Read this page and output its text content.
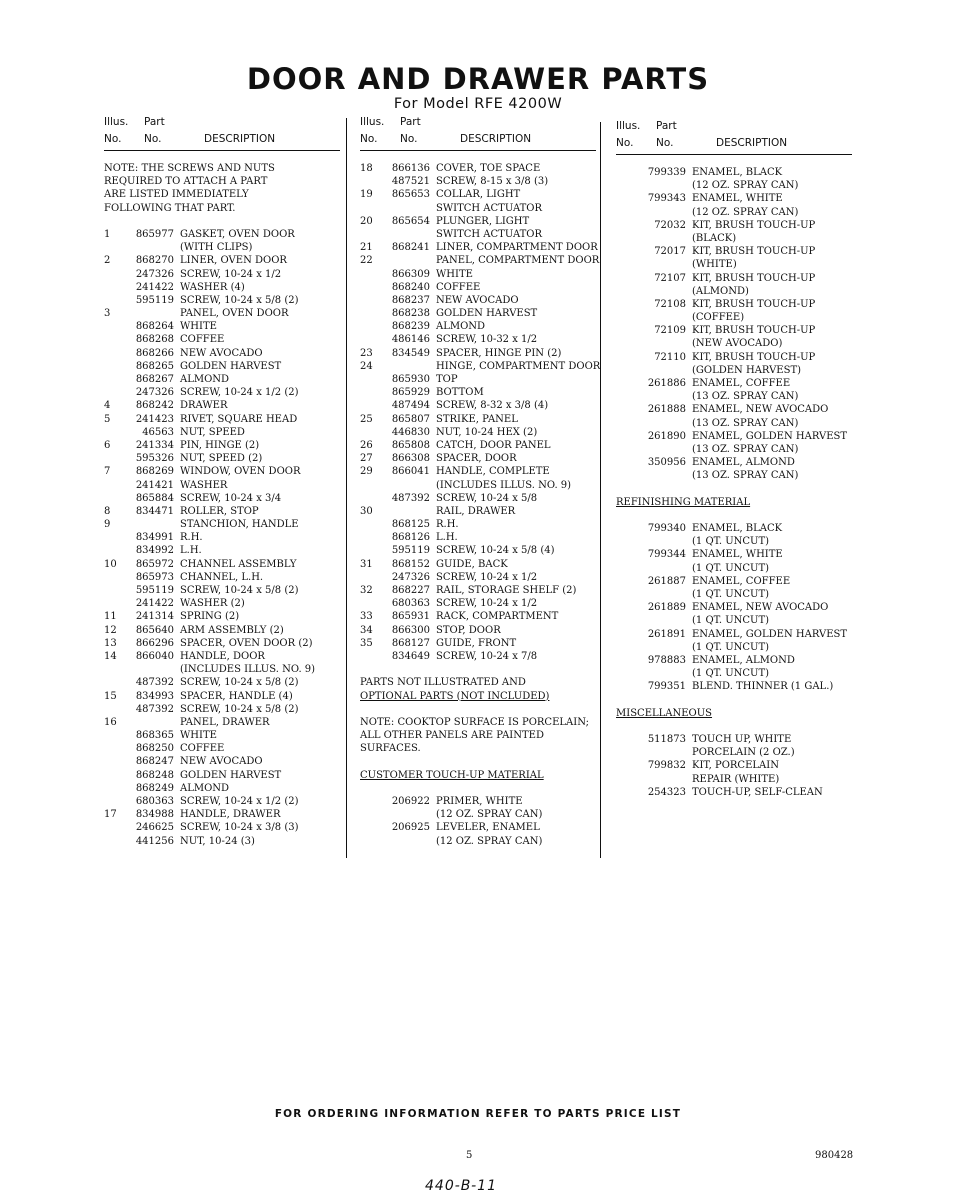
DOOR AND DRAWER PARTS
For Model RFE 4200W
Illus. Part
No. No.	DESCRIPTION
NOTE: THE SCREWS AND NUTS
REQUIRED TO ATTACH A PART
ARE LISTED IMMEDIATELY
FOLLOWING THAT PART.
1	865977 GASKET, OVEN DOOR
(WITH CLIPS)
2	868270 LINER, OVEN DOOR
247326 SCREW, 10-24 x 1/2
241422 WASHER (4)
595119 SCREW, 10-24 x 5/8 (2)
3	PANEL, OVEN DOOR
868264 WHITE
868268 COFFEE
868266 NEW AVOCADO
868265 GOLDEN HARVEST
868267 ALMOND
247326 SCREW, 10-24 x 1/2 (2)
4	868242 DRAWER
5	241423 RIVET, SQUARE HEAD
46563 NUT, SPEED
6	241334 PIN, HINGE (2)
595326 NUT, SPEED (2)
7	868269 WINDOW, OVEN DOOR
241421 WASHER
865884 SCREW, 10-24 x 3/4
8	834471 ROLLER, STOP
9	STANCHION, HANDLE
834991 R.H.
834992 L.H.
10	865972 CHANNEL ASSEMBLY
865973 CHANNEL, L.H.
595119 SCREW, 10-24 x 5/8 (2)
241422 WASHER (2)
11	241314 SPRING (2)
12	865640 ARM ASSEMBLY (2)
13	866296 SPACER, OVEN DOOR (2)
14	866040 HANDLE, DOOR
(INCLUDES ILLUS. NO. 9)
487392 SCREW, 10-24 x 5/8 (2)
15	834993 SPACER, HANDLE (4)
487392 SCREW, 10-24 x 5/8 (2)
16	PANEL, DRAWER
868365 WHITE
868250 COFFEE
868247 NEW AVOCADO
868248 GOLDEN HARVEST
868249 ALMOND
680363 SCREW, 10-24 x 1/2 (2)
17	834988 HANDLE, DRAWER
246625 SCREW, 10-24 x 3/8 (3)
441256 NUT, 10-24 (3)
Illus. Part
No. No.	DESCRIPTION
18	866136 COVER, TOE SPACE
487521 SCREW, 8-15 x 3/8 (3)
19	865653 COLLAR, LIGHT
SWITCH ACTUATOR
20	865654 PLUNGER, LIGHT
SWITCH ACTUATOR
21	868241 LINER, COMPARTMENT DOOR
22	PANEL, COMPARTMENT DOOR
866309 WHITE
868240 COFFEE
868237 NEW AVOCADO
868238 GOLDEN HARVEST
868239 ALMOND
486146 SCREW, 10-32 x 1/2
23	834549 SPACER, HINGE PIN (2)
24	HINGE, COMPARTMENT DOOR
865930 TOP
865929 BOTTOM
487494 SCREW, 8-32 x 3/8 (4)
25	865807 STRIKE, PANEL
446830 NUT, 10-24 HEX (2)
26	865808 CATCH, DOOR PANEL
27	866308 SPACER, DOOR
29	866041 HANDLE, COMPLETE
(INCLUDES ILLUS. NO. 9)
487392 SCREW, 10-24 x 5/8
30	RAIL, DRAWER
868125 R.H.
868126 L.H.
595119 SCREW, 10-24 x 5/8 (4)
31	868152 GUIDE, BACK
247326 SCREW, 10-24 x 1/2
32	868227 RAIL, STORAGE SHELF (2)
680363 SCREW, 10-24 x 1/2
33	865931 RACK, COMPARTMENT
34	866300 STOP, DOOR
35	868127 GUIDE, FRONT
834649 SCREW, 10-24 x 7/8
PARTS NOT ILLUSTRATED AND
OPTIONAL PARTS (NOT INCLUDED)
NOTE: COOKTOP SURFACE IS PORCELAIN;
ALL OTHER PANELS ARE PAINTED
SURFACES.
CUSTOMER TOUCH-UP MATERIAL
206922 PRIMER, WHITE
(12 OZ. SPRAY CAN)
206925 LEVELER, ENAMEL
(12 OZ. SPRAY CAN)
Illus. Part
No. No.	DESCRIPTION
799339 ENAMEL, BLACK
(12 OZ. SPRAY CAN)
799343 ENAMEL, WHITE
(12 OZ. SPRAY CAN)
72032 KIT, BRUSH TOUCH-UP
(BLACK)
72017 KIT, BRUSH TOUCH-UP
(WHITE)
72107 KIT, BRUSH TOUCH-UP
(ALMOND)
72108 KIT, BRUSH TOUCH-UP
(COFFEE)
72109 KIT, BRUSH TOUCH-UP
(NEW AVOCADO)
72110 KIT, BRUSH TOUCH-UP
(GOLDEN HARVEST)
261886 ENAMEL, COFFEE
(13 OZ. SPRAY CAN)
261888 ENAMEL, NEW AVOCADO
(13 OZ. SPRAY CAN)
261890 ENAMEL, GOLDEN HARVEST
(13 OZ. SPRAY CAN)
350956 ENAMEL, ALMOND
(13 OZ. SPRAY CAN)
REFINISHING MATERIAL
799340 ENAMEL, BLACK
(1 QT. UNCUT)
799344 ENAMEL, WHITE
(1 QT. UNCUT)
261887 ENAMEL, COFFEE
(1 QT. UNCUT)
261889 ENAMEL, NEW AVOCADO
(1 QT. UNCUT)
261891 ENAMEL, GOLDEN HARVEST
(1 QT. UNCUT)
978883 ENAMEL, ALMOND
(1 QT. UNCUT)
799351 BLEND. THINNER (1 GAL.)
MISCELLANEOUS
511873 TOUCH UP, WHITE
PORCELAIN (2 OZ.)
799832 KIT, PORCELAIN
REPAIR (WHITE)
254323 TOUCH-UP, SELF-CLEAN
FOR ORDERING INFORMATION REFER TO PARTS PRICE LIST
5	980428
440-B-11
